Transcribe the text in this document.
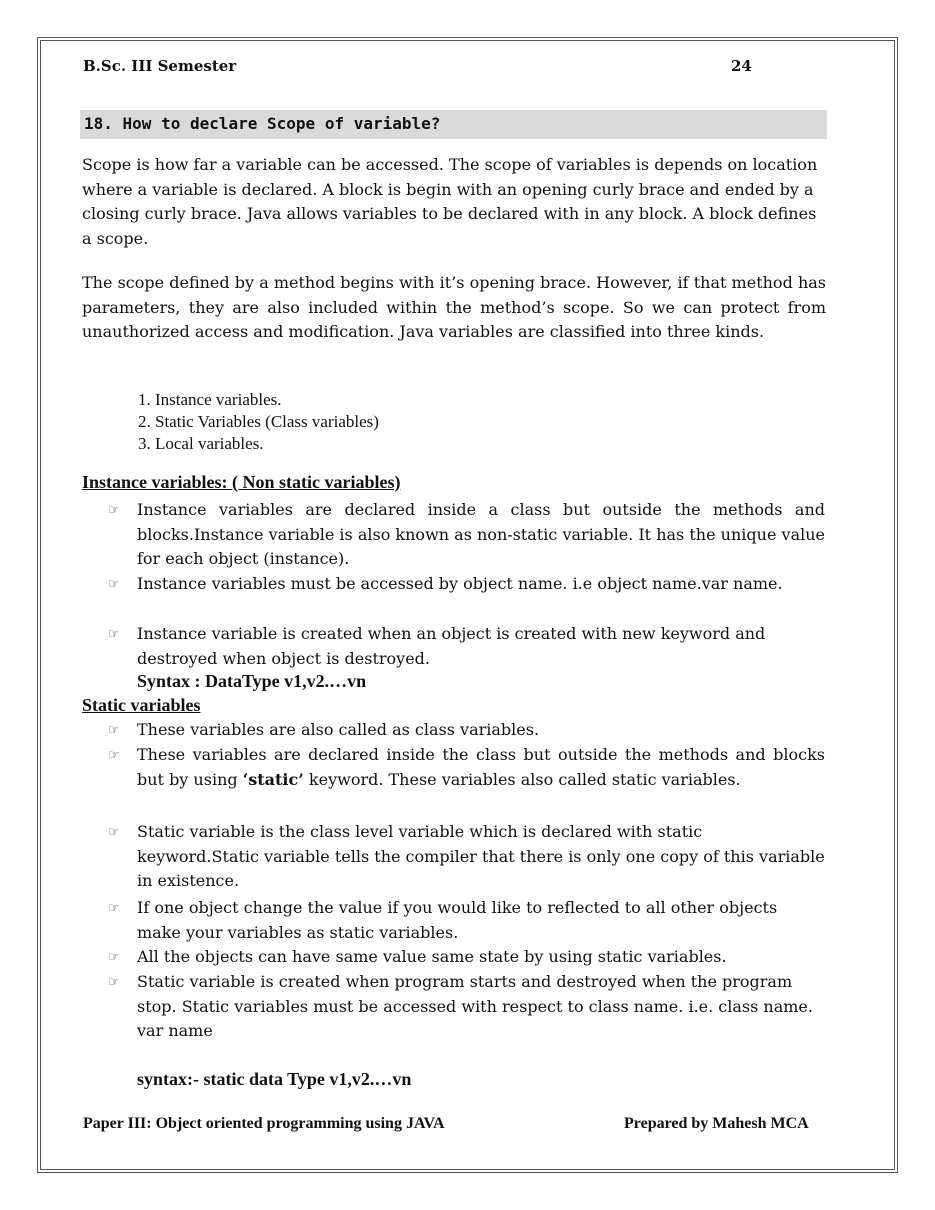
B.Sc. III Semester	24
18. How to declare Scope of variable?

Scope is how far a variable can be accessed. The scope of variables is depends on location where a variable is declared. A block is begin with an opening curly brace and ended by a closing curly brace. Java allows variables to be declared with in any block. A block defines a scope.

The scope defined by a method begins with it’s opening brace. However, if that method has parameters, they are also included within the method’s scope. So we can protect from unauthorized access and modification. Java variables are classified into three kinds.

1. Instance variables.
2. Static Variables (Class variables)
3. Local variables.
Instance variables: ( Non static variables)
☞ Instance variables are declared inside a class but outside the methods and blocks.Instance variable is also known as non-static variable. It has the unique value for each object (instance).

☞ Instance variables must be accessed by object name. i.e object name.var name.

☞ Instance variable is created when an object is created with new keyword and destroyed when object is destroyed.

Syntax : DataType v1,v2.…vn
Static variables
☞ These variables are also called as class variables.

☞ These variables are declared inside the class but outside the methods and blocks but by using ‘static’ keyword. These variables also called static variables.

☞ Static variable is the class level variable which is declared with static keyword.Static variable tells the compiler that there is only one copy of this variable in existence.

☞ If one object change the value if you would like to reflected to all other objects make your variables as static variables.

☞ All the objects can have same value same state by using static variables.

☞ Static variable is created when program starts and destroyed when the program stop. Static variables must be accessed with respect to class name. i.e. class name. var name

syntax:- static data Type v1,v2.…vn
Paper III: Object oriented programming using JAVA	Prepared by Mahesh MCA
